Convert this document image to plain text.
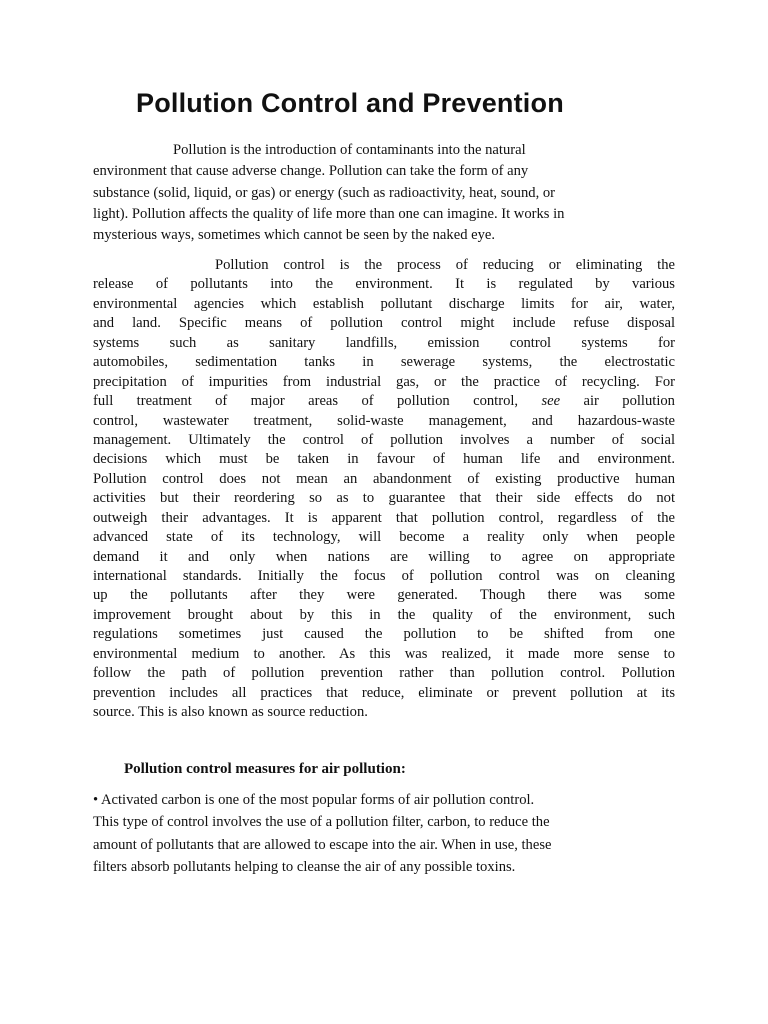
Pollution Control and Prevention

Pollution is the introduction of contaminants into the natural
environment that cause adverse change. Pollution can take the form of any
substance (solid, liquid, or gas) or energy (such as radioactivity, heat, sound, or
light). Pollution affects the quality of life more than one can imagine. It works in
mysterious ways, sometimes which cannot be seen by the naked eye.

Pollution control is the process of reducing or eliminating the
release of pollutants into the environment. It is regulated by various
environmental agencies which establish pollutant discharge limits for air, water,
and land. Specific means of pollution control might include refuse disposal
systems such as sanitary landfills, emission control systems for
automobiles, sedimentation tanks in sewerage systems, the electrostatic
precipitation of impurities from industrial gas, or the practice of recycling. For
full treatment of major areas of pollution control, see air pollution
control, wastewater treatment, solid-waste management, and hazardous-waste
management. Ultimately the control of pollution involves a number of social
decisions which must be taken in favour of human life and environment.
Pollution control does not mean an abandonment of existing productive human
activities but their reordering so as to guarantee that their side effects do not
outweigh their advantages. It is apparent that pollution control, regardless of the
advanced state of its technology, will become a reality only when people
demand it and only when nations are willing to agree on appropriate
international standards. Initially the focus of pollution control was on cleaning
up the pollutants after they were generated. Though there was some
improvement brought about by this in the quality of the environment, such
regulations sometimes just caused the pollution to be shifted from one
environmental medium to another. As this was realized, it made more sense to
follow the path of pollution prevention rather than pollution control. Pollution
prevention includes all practices that reduce, eliminate or prevent pollution at its
source. This is also known as source reduction.

Pollution control measures for air pollution:

• Activated carbon is one of the most popular forms of air pollution control.
This type of control involves the use of a pollution filter, carbon, to reduce the
amount of pollutants that are allowed to escape into the air. When in use, these
filters absorb pollutants helping to cleanse the air of any possible toxins.
